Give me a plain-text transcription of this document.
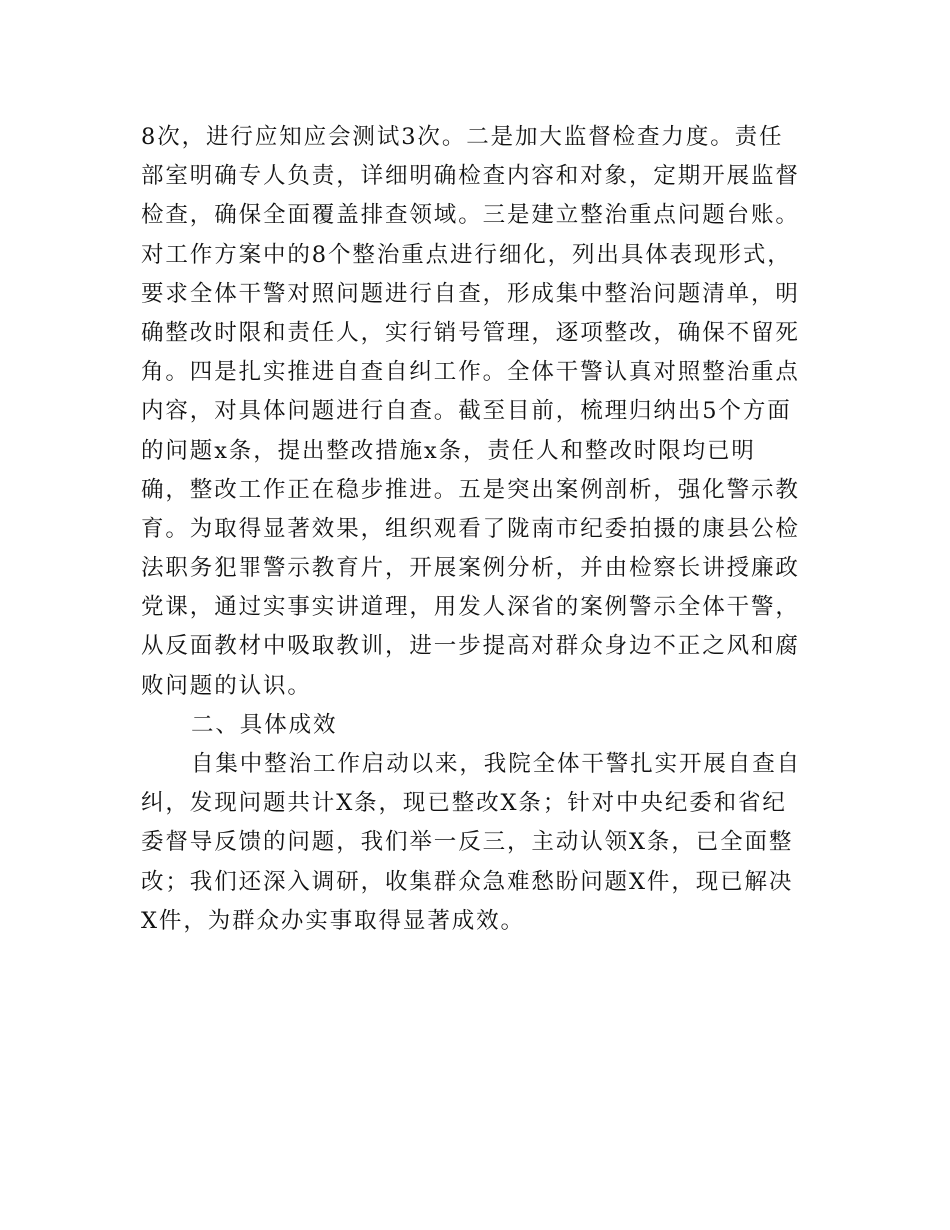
8次，进行应知应会测试3次。二是加大监督检查力度。责任
部室明确专人负责，详细明确检查内容和对象，定期开展监督
检查，确保全面覆盖排查领域。三是建立整治重点问题台账。
对工作方案中的8个整治重点进行细化，列出具体表现形式，
要求全体干警对照问题进行自查，形成集中整治问题清单，明
确整改时限和责任人，实行销号管理，逐项整改，确保不留死
角。四是扎实推进自查自纠工作。全体干警认真对照整治重点
内容，对具体问题进行自查。截至目前，梳理归纳出5个方面
的问题x条，提出整改措施x条，责任人和整改时限均已明
确，整改工作正在稳步推进。五是突出案例剖析，强化警示教
育。为取得显著效果，组织观看了陇南市纪委拍摄的康县公检
法职务犯罪警示教育片，开展案例分析，并由检察长讲授廉政
党课，通过实事实讲道理，用发人深省的案例警示全体干警，
从反面教材中吸取教训，进一步提高对群众身边不正之风和腐
败问题的认识。
二、具体成效
自集中整治工作启动以来，我院全体干警扎实开展自查自
纠，发现问题共计X条，现已整改X条；针对中央纪委和省纪
委督导反馈的问题，我们举一反三，主动认领X条，已全面整
改；我们还深入调研，收集群众急难愁盼问题X件，现已解决
X件，为群众办实事取得显著成效。
